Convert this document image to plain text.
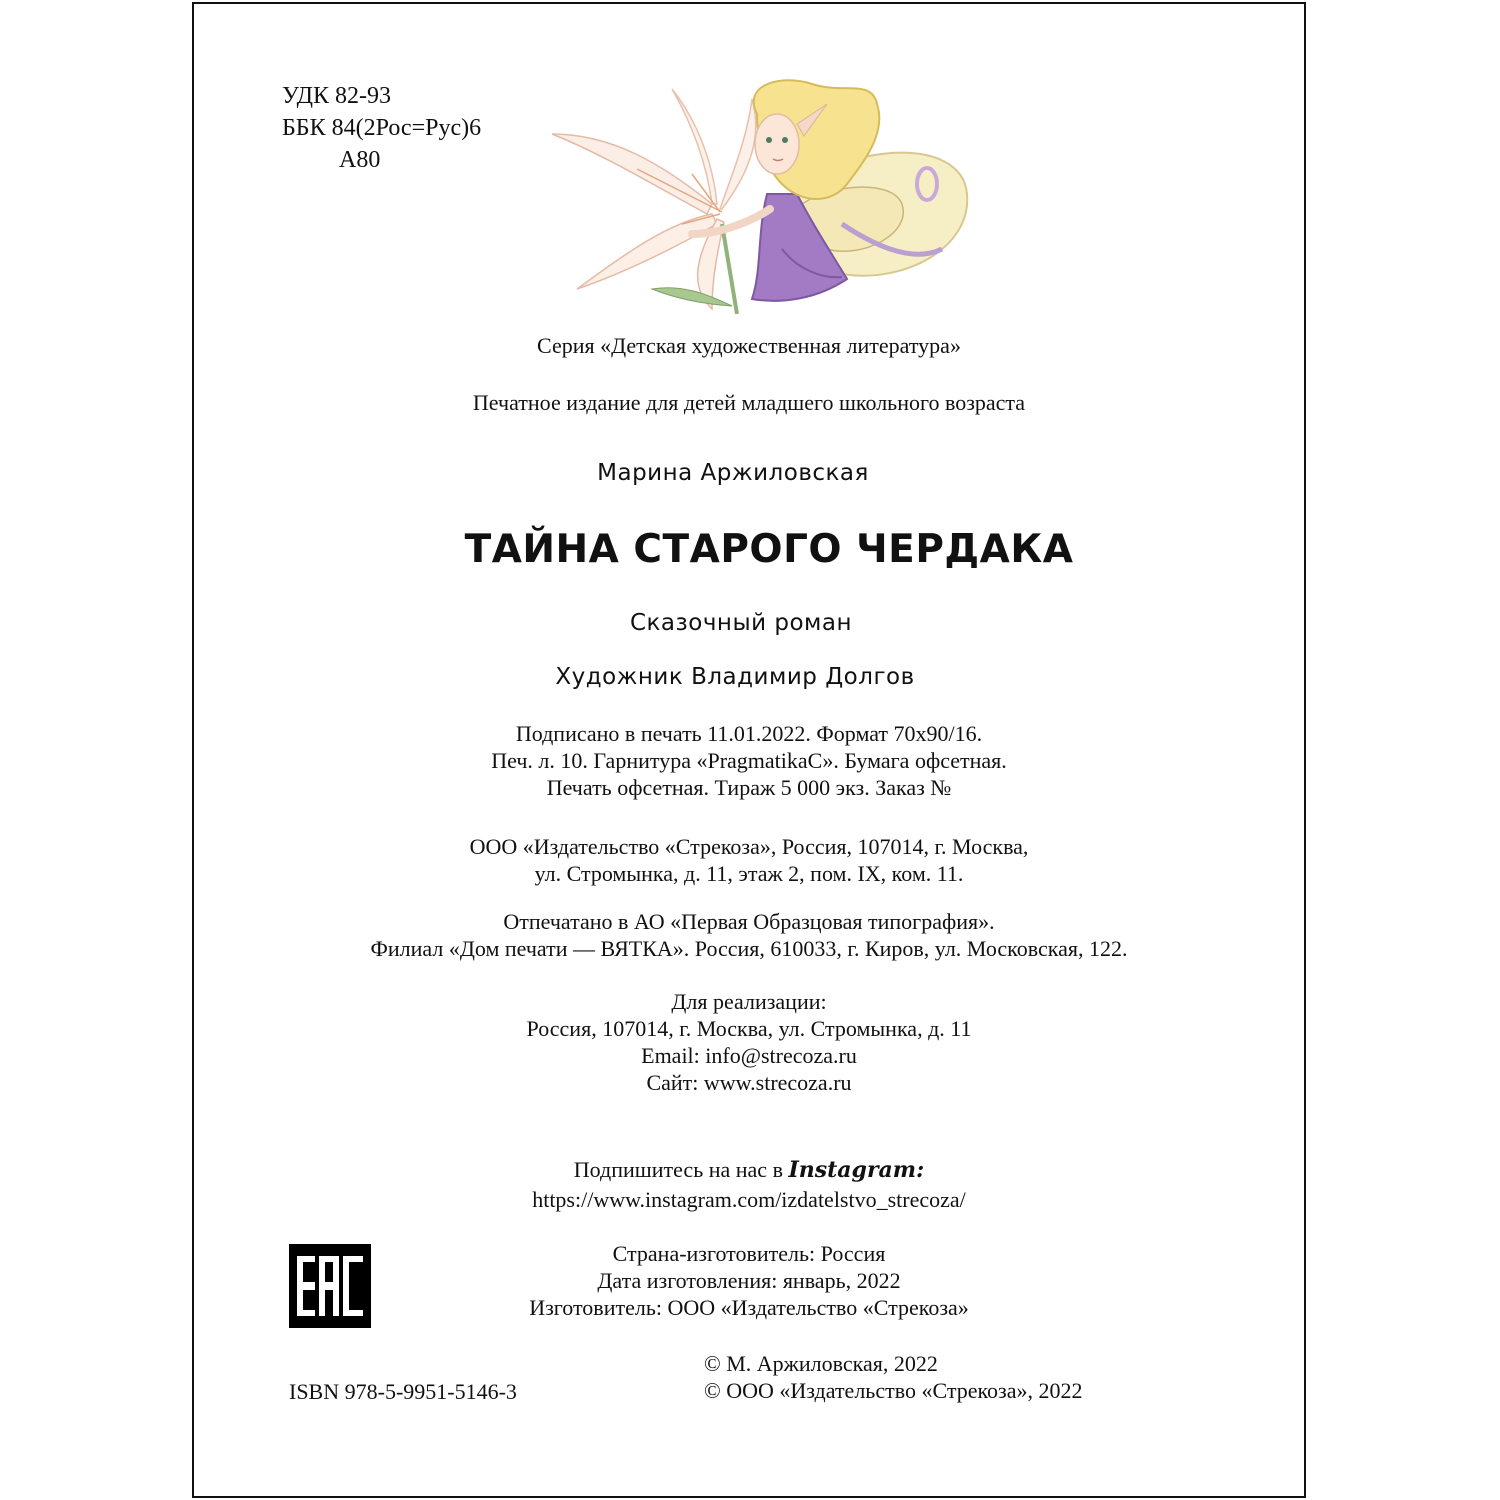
УДК 82-93
ББК 84(2Рос=Рус)6
А80
Серия «Детская художественная литература»
Печатное издание для детей младшего школьного возраста
Марина Аржиловская
ТАЙНА СТАРОГО ЧЕРДАКА
Сказочный роман
Художник Владимир Долгов
Подписано в печать 11.01.2022. Формат 70x90/16.
Печ. л. 10. Гарнитура «PragmatikaC». Бумага офсетная.
Печать офсетная. Тираж 5 000 экз. Заказ №
ООО «Издательство «Стрекоза», Россия, 107014, г. Москва,
ул. Стромынка, д. 11, этаж 2, пом. IX, ком. 11.
Отпечатано в АО «Первая Образцовая типография».
Филиал «Дом печати — ВЯТКА». Россия, 610033, г. Киров, ул. Московская, 122.
Для реализации:
Россия, 107014, г. Москва, ул. Стромынка, д. 11
Email: info@strecoza.ru
Сайт: www.strecoza.ru
Подпишитесь на нас в Instagram:
https://www.instagram.com/izdatelstvo_strecoza/
Страна-изготовитель: Россия
Дата изготовления: январь, 2022
Изготовитель: ООО «Издательство «Стрекоза»
ISBN 978-5-9951-5146-3
© М. Аржиловская, 2022
© ООО «Издательство «Стрекоза», 2022
